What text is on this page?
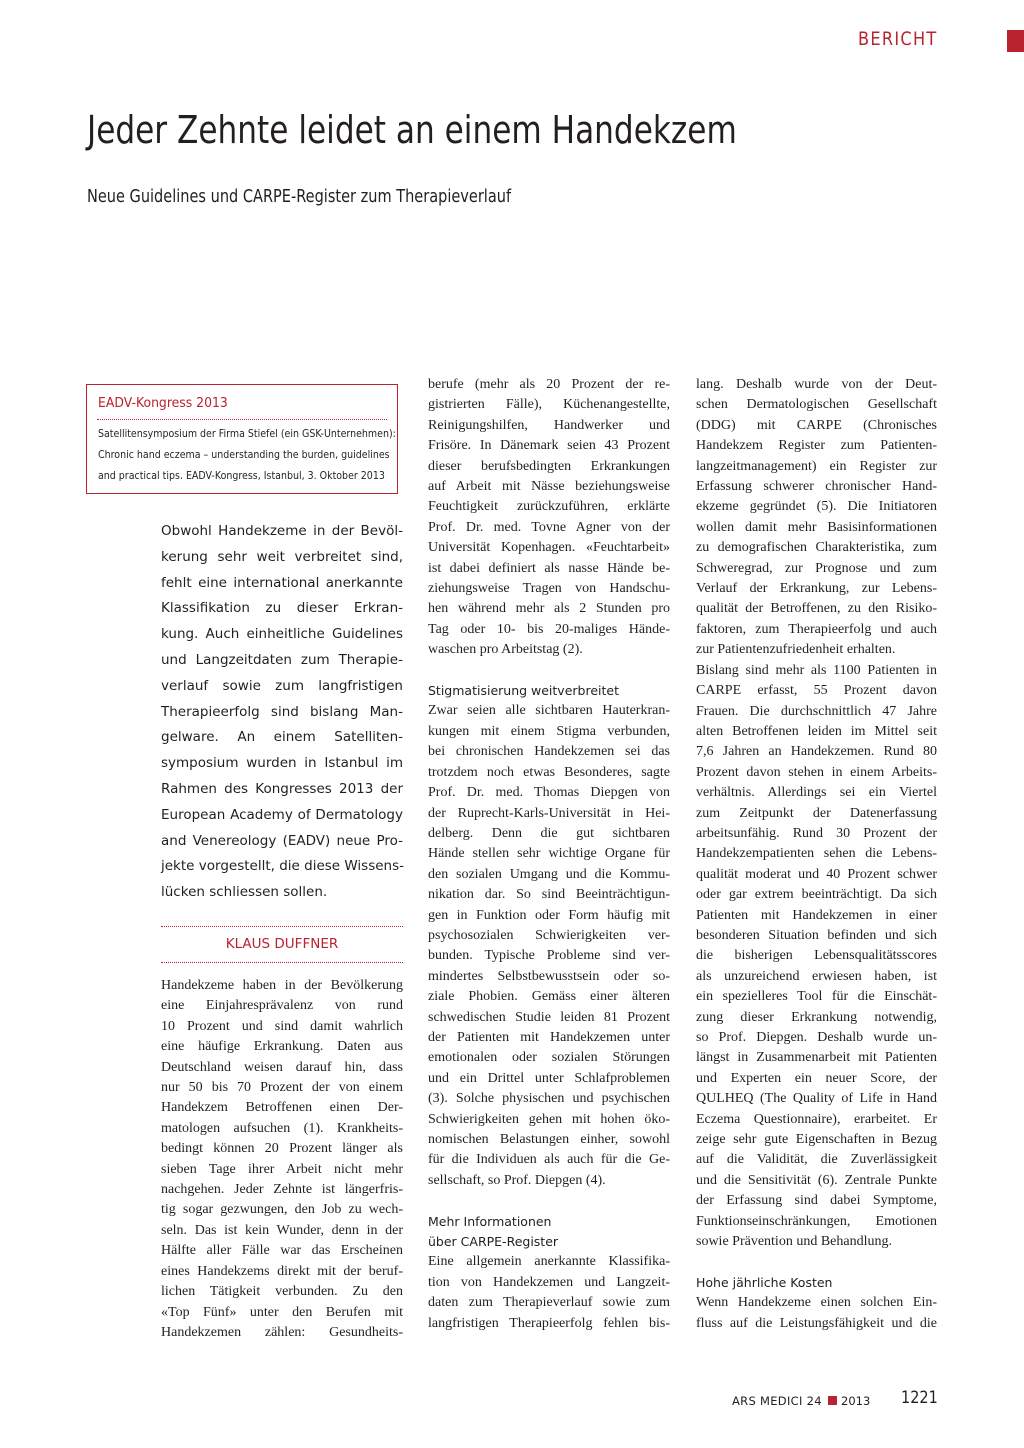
BERICHT
Jeder Zehnte leidet an einem Handekzem
Neue Guidelines und CARPE-Register zum Therapieverlauf
EADV-Kongress 2013
Satellitensymposium der Firma Stiefel (ein GSK-Unternehmen):
Chronic hand eczema – understanding the burden, guidelines
and practical tips. EADV-Kongress, Istanbul, 3. Oktober 2013
Obwohl Handekzeme in der Bevöl-
kerung sehr weit verbreitet sind,
fehlt eine international anerkannte
Klassifikation zu dieser Erkran-
kung. Auch einheitliche Guidelines
und Langzeitdaten zum Therapie-
verlauf sowie zum langfristigen
Therapieerfolg sind bislang Man-
gelware. An einem Satelliten-
symposium wurden in Istanbul im
Rahmen des Kongresses 2013 der
European Academy of Dermatology
and Venereology (EADV) neue Pro-
jekte vorgestellt, die diese Wissens-
lücken schliessen sollen.
KLAUS DUFFNER
Handekzeme haben in der Bevölkerung
eine Einjahresprävalenz von rund
10 Prozent und sind damit wahrlich
eine häufige Erkrankung. Daten aus
Deutschland weisen darauf hin, dass
nur 50 bis 70 Prozent der von einem
Handekzem Betroffenen einen Der-
matologen aufsuchen (1). Krankheits-
bedingt können 20 Prozent länger als
sieben Tage ihrer Arbeit nicht mehr
nachgehen. Jeder Zehnte ist längerfris-
tig sogar gezwungen, den Job zu wech-
seln. Das ist kein Wunder, denn in der
Hälfte aller Fälle war das Erscheinen
eines Handekzems direkt mit der beruf-
lichen Tätigkeit verbunden. Zu den
«Top Fünf» unter den Berufen mit
Handekzemen zählen: Gesundheits-
berufe (mehr als 20 Prozent der re-
gistrierten Fälle), Küchenangestellte,
Reinigungshilfen, Handwerker und
Frisöre. In Dänemark seien 43 Prozent
dieser berufsbedingten Erkrankungen
auf Arbeit mit Nässe beziehungsweise
Feuchtigkeit zurückzuführen, erklärte
Prof. Dr. med. Tovne Agner von der
Universität Kopenhagen. «Feuchtarbeit»
ist dabei definiert als nasse Hände be-
ziehungsweise Tragen von Handschu-
hen während mehr als 2 Stunden pro
Tag oder 10- bis 20-maliges Hände-
waschen pro Arbeitstag (2).
Stigmatisierung weitverbreitet
Zwar seien alle sichtbaren Hauterkran-
kungen mit einem Stigma verbunden,
bei chronischen Handekzemen sei das
trotzdem noch etwas Besonderes, sagte
Prof. Dr. med. Thomas Diepgen von
der Ruprecht-Karls-Universität in Hei-
delberg. Denn die gut sichtbaren
Hände stellen sehr wichtige Organe für
den sozialen Umgang und die Kommu-
nikation dar. So sind Beeinträchtigun-
gen in Funktion oder Form häufig mit
psychosozialen Schwierigkeiten ver-
bunden. Typische Probleme sind ver-
mindertes Selbstbewusstsein oder so-
ziale Phobien. Gemäss einer älteren
schwedischen Studie leiden 81 Prozent
der Patienten mit Handekzemen unter
emotionalen oder sozialen Störungen
und ein Drittel unter Schlafproblemen
(3). Solche physischen und psychischen
Schwierigkeiten gehen mit hohen öko-
nomischen Belastungen einher, sowohl
für die Individuen als auch für die Ge-
sellschaft, so Prof. Diepgen (4).
Mehr Informationen
über CARPE-Register
Eine allgemein anerkannte Klassifika-
tion von Handekzemen und Langzeit-
daten zum Therapieverlauf sowie zum
langfristigen Therapieerfolg fehlen bis-
lang. Deshalb wurde von der Deut-
schen Dermatologischen Gesellschaft
(DDG) mit CARPE (Chronisches
Handekzem Register zum Patienten-
langzeitmanagement) ein Register zur
Erfassung schwerer chronischer Hand-
ekzeme gegründet (5). Die Initiatoren
wollen damit mehr Basisinformationen
zu demografischen Charakteristika, zum
Schweregrad, zur Prognose und zum
Verlauf der Erkrankung, zur Lebens-
qualität der Betroffenen, zu den Risiko-
faktoren, zum Therapieerfolg und auch
zur Patientenzufriedenheit erhalten.
Bislang sind mehr als 1100 Patienten in
CARPE erfasst, 55 Prozent davon
Frauen. Die durchschnittlich 47 Jahre
alten Betroffenen leiden im Mittel seit
7,6 Jahren an Handekzemen. Rund 80
Prozent davon stehen in einem Arbeits-
verhältnis. Allerdings sei ein Viertel
zum Zeitpunkt der Datenerfassung
arbeitsunfähig. Rund 30 Prozent der
Handekzempatienten sehen die Lebens-
qualität moderat und 40 Prozent schwer
oder gar extrem beeinträchtigt. Da sich
Patienten mit Handekzemen in einer
besonderen Situation befinden und sich
die bisherigen Lebensqualitätsscores
als unzureichend erwiesen haben, ist
ein spezielleres Tool für die Einschät-
zung dieser Erkrankung notwendig,
so Prof. Diepgen. Deshalb wurde un-
längst in Zusammenarbeit mit Patienten
und Experten ein neuer Score, der
QULHEQ (The Quality of Life in Hand
Eczema Questionnaire), erarbeitet. Er
zeige sehr gute Eigenschaften in Bezug
auf die Validität, die Zuverlässigkeit
und die Sensitivität (6). Zentrale Punkte
der Erfassung sind dabei Symptome,
Funktionseinschränkungen, Emotionen
sowie Prävention und Behandlung.
Hohe jährliche Kosten
Wenn Handekzeme einen solchen Ein-
fluss auf die Leistungsfähigkeit und die
ARS MEDICI 24 2013 1221
